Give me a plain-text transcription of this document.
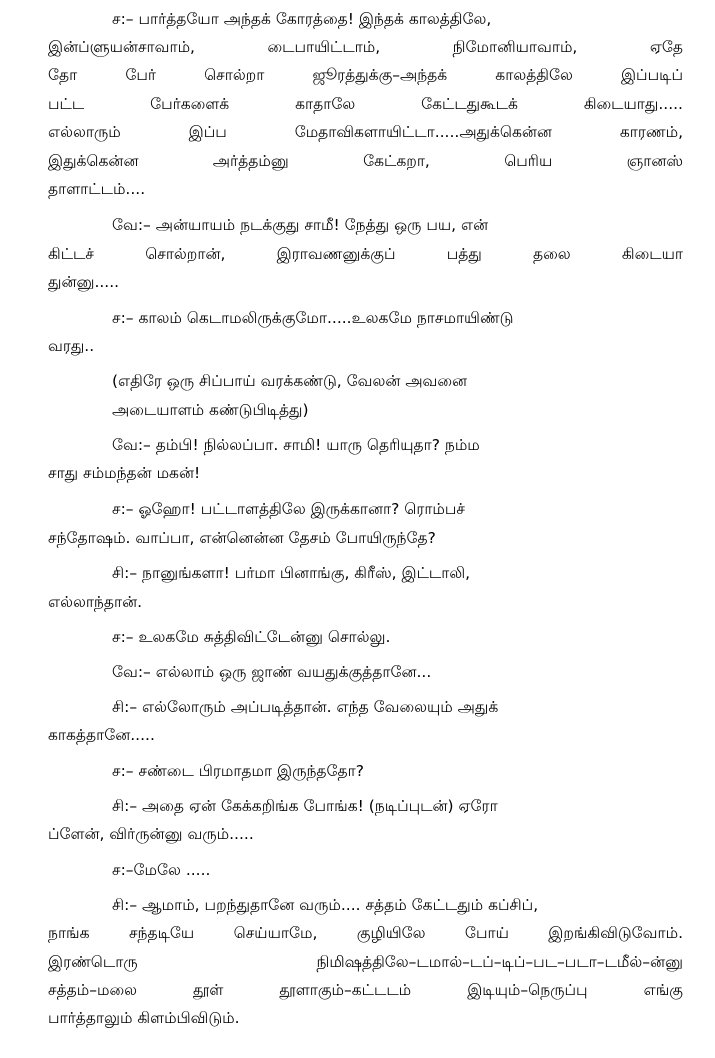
ச:– பார்த்தயோ அந்தக் கோரத்தை! இந்தக் காலத்திலே,
இன்ப்ளுயன்சாவாம், டைபாயிட்டாம், நிமோனியாவாம், ஏதே
தோ பேர் சொல்றா ஜூரத்துக்கு–அந்தக் காலத்திலே இப்படிப்
பட்ட பேர்களைக் காதாலே கேட்டதுகூடக் கிடையாது.....
எல்லாரும் இப்ப மேதாவிகளாயிட்டா.....அதுக்கென்ன காரணம்,
இதுக்கென்ன அர்த்தம்னு கேட்கறா, பெரிய ஞானஸ்
தாளாட்டம்....
வே:– அன்யாயம் நடக்குது சாமீ! நேத்து ஒரு பய, என்
கிட்டச் சொல்றான், இராவணனுக்குப் பத்து தலை கிடையா
துன்னு.....
ச:– காலம் கெடாமலிருக்குமோ.....உலகமே நாசமாயிண்டு
வரது..
(எதிரே ஒரு சிப்பாய் வரக்கண்டு, வேலன் அவனை
அடையாளம் கண்டுபிடித்து)
வே:– தம்பி! நில்லப்பா. சாமி! யாரு தெரியுதா? நம்ம
சாது சம்மந்தன் மகன்!
ச:– ஓஹோ! பட்டாளத்திலே இருக்கானா? ரொம்பச்
சந்தோஷம். வாப்பா, என்னென்ன தேசம் போயிருந்தே?
சி:– நானுங்களா! பர்மா பினாங்கு, கிரீஸ், இட்டாலி,
எல்லாந்தான்.
ச:– உலகமே சுத்திவிட்டேன்னு சொல்லு.
வே:– எல்லாம் ஒரு ஜாண் வயதுக்குத்தானே...
சி:– எல்லோரும் அப்படித்தான். எந்த வேலையும் அதுக்
காகத்தானே.....
ச:– சண்டை பிரமாதமா இருந்ததோ?
சி:– அதை ஏன் கேக்கறிங்க போங்க! (நடிப்புடன்) ஏரோ
ப்ளேன், விர்ருன்னு வரும்.....
ச:–மேலே .....
சி:– ஆமாம், பறந்துதானே வரும்.... சத்தம் கேட்டதும் கப்சிப்,
நாங்க சந்தடியே செய்யாமே, குழியிலே போய் இறங்கிவிடுவோம்.
இரண்டொரு நிமிஷத்திலே–டமால்–டப்–டிப்–பட–படா–டமீல்–ன்னு
சத்தம்–மலை தூள் தூளாகும்–கட்டடம் இடியும்–நெருப்பு எங்கு
பார்த்தாலும் கிளம்பிவிடும்.
